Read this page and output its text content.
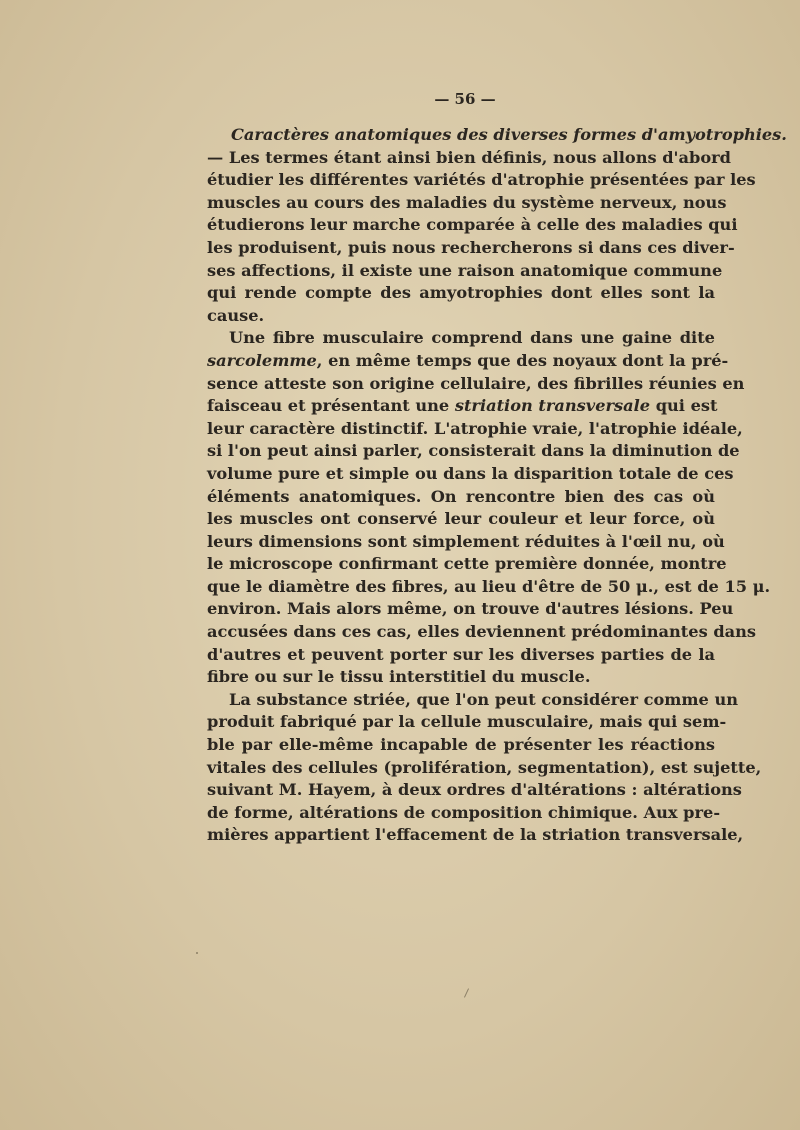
— 56 —
Caractères anatomiques des diverses formes d'amyotrophies.
— Les termes étant ainsi bien définis, nous allons d'abord
étudier les différentes variétés d'atrophie présentées par les
muscles au cours des maladies du système nerveux, nous
étudierons leur marche comparée à celle des maladies qui
les produisent, puis nous rechercherons si dans ces diver-
ses affections, il existe une raison anatomique commune
qui rende compte des amyotrophies dont elles sont la
cause.
Une fibre musculaire comprend dans une gaine dite
sarcolemme, en même temps que des noyaux dont la pré-
sence atteste son origine cellulaire, des fibrilles réunies en
faisceau et présentant une striation transversale qui est
leur caractère distinctif. L'atrophie vraie, l'atrophie idéale,
si l'on peut ainsi parler, consisterait dans la diminution de
volume pure et simple ou dans la disparition totale de ces
éléments anatomiques. On rencontre bien des cas où
les muscles ont conservé leur couleur et leur force, où
leurs dimensions sont simplement réduites à l'œil nu, où
le microscope confirmant cette première donnée, montre
que le diamètre des fibres, au lieu d'être de 50 μ., est de 15 μ.
environ. Mais alors même, on trouve d'autres lésions. Peu
accusées dans ces cas, elles deviennent prédominantes dans
d'autres et peuvent porter sur les diverses parties de la
fibre ou sur le tissu interstitiel du muscle.
La substance striée, que l'on peut considérer comme un
produit fabriqué par la cellule musculaire, mais qui sem-
ble par elle-même incapable de présenter les réactions
vitales des cellules (prolifération, segmentation), est sujette,
suivant M. Hayem, à deux ordres d'altérations : altérations
de forme, altérations de composition chimique. Aux pre-
mières appartient l'effacement de la striation transversale,
